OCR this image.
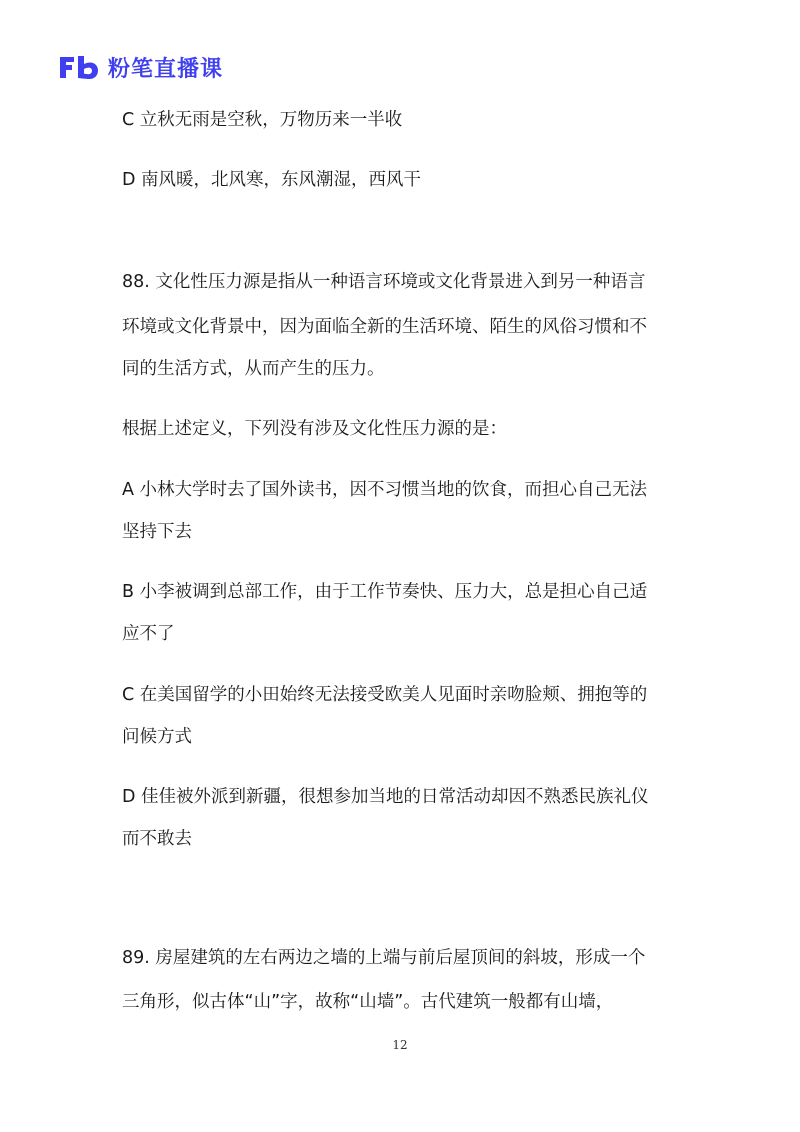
粉笔直播课
C 立秋无雨是空秋，万物历来一半收
D 南风暖，北风寒，东风潮湿，西风干
88. 文化性压力源是指从一种语言环境或文化背景进入到另一种语言
环境或文化背景中，因为面临全新的生活环境、陌生的风俗习惯和不
同的生活方式，从而产生的压力。
根据上述定义，下列没有涉及文化性压力源的是：
A 小林大学时去了国外读书，因不习惯当地的饮食，而担心自己无法
坚持下去
B 小李被调到总部工作，由于工作节奏快、压力大，总是担心自己适
应不了
C 在美国留学的小田始终无法接受欧美人见面时亲吻脸颊、拥抱等的
问候方式
D 佳佳被外派到新疆，很想参加当地的日常活动却因不熟悉民族礼仪
而不敢去
89. 房屋建筑的左右两边之墙的上端与前后屋顶间的斜坡，形成一个
三角形，似古体“山”字，故称“山墙”。古代建筑一般都有山墙，
12
